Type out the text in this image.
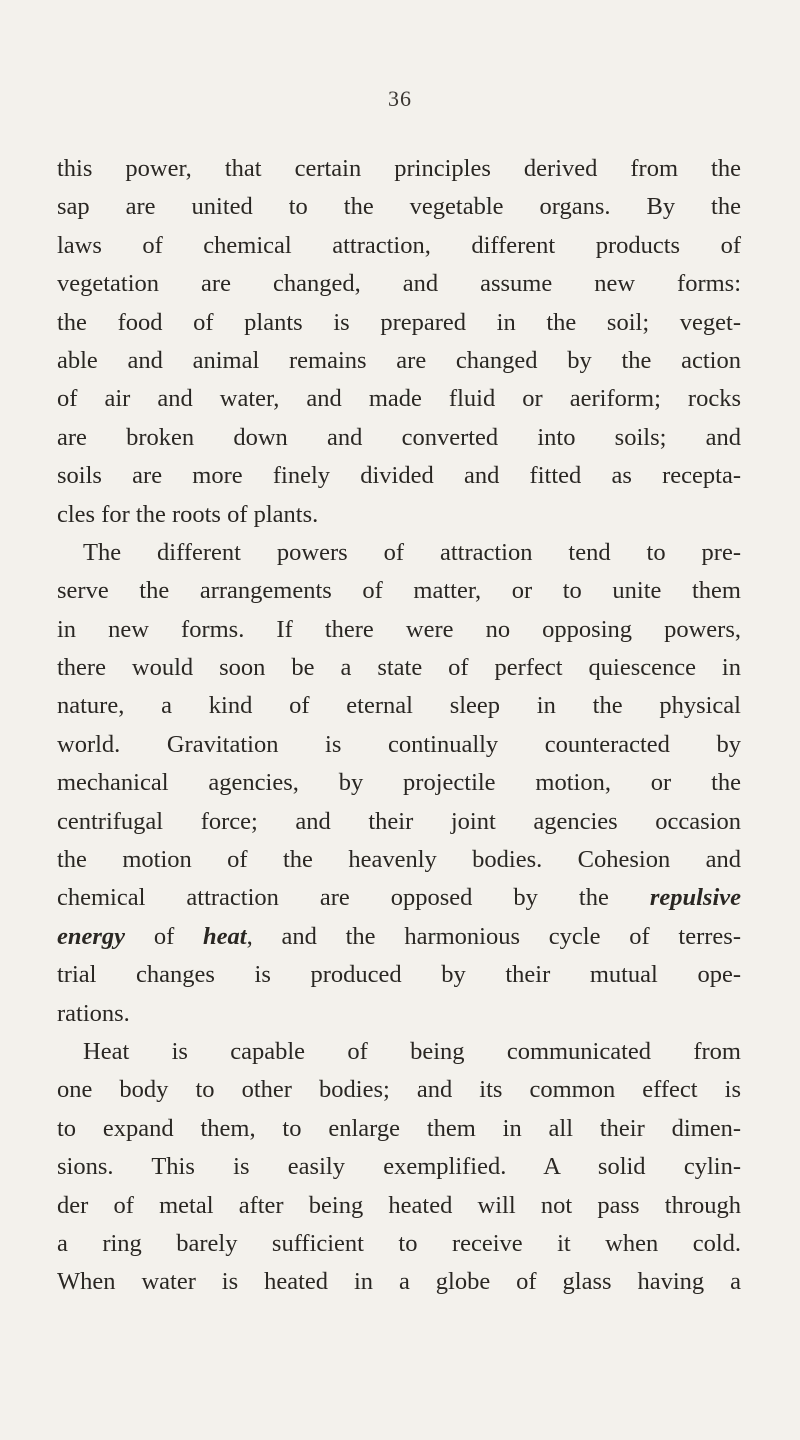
36
this power, that certain principles derived from the
sap are united to the vegetable organs. By the
laws of chemical attraction, different products of
vegetation are changed, and assume new forms:
the food of plants is prepared in the soil; veget-
able and animal remains are changed by the action
of air and water, and made fluid or aeriform; rocks
are broken down and converted into soils; and
soils are more finely divided and fitted as recepta-
cles for the roots of plants.
The different powers of attraction tend to pre-
serve the arrangements of matter, or to unite them
in new forms. If there were no opposing powers,
there would soon be a state of perfect quiescence in
nature, a kind of eternal sleep in the physical
world. Gravitation is continually counteracted by
mechanical agencies, by projectile motion, or the
centrifugal force; and their joint agencies occasion
the motion of the heavenly bodies. Cohesion and
chemical attraction are opposed by the repulsive
energy of heat, and the harmonious cycle of terres-
trial changes is produced by their mutual ope-
rations.
Heat is capable of being communicated from
one body to other bodies; and its common effect is
to expand them, to enlarge them in all their dimen-
sions. This is easily exemplified. A solid cylin-
der of metal after being heated will not pass through
a ring barely sufficient to receive it when cold.
When water is heated in a globe of glass having a
